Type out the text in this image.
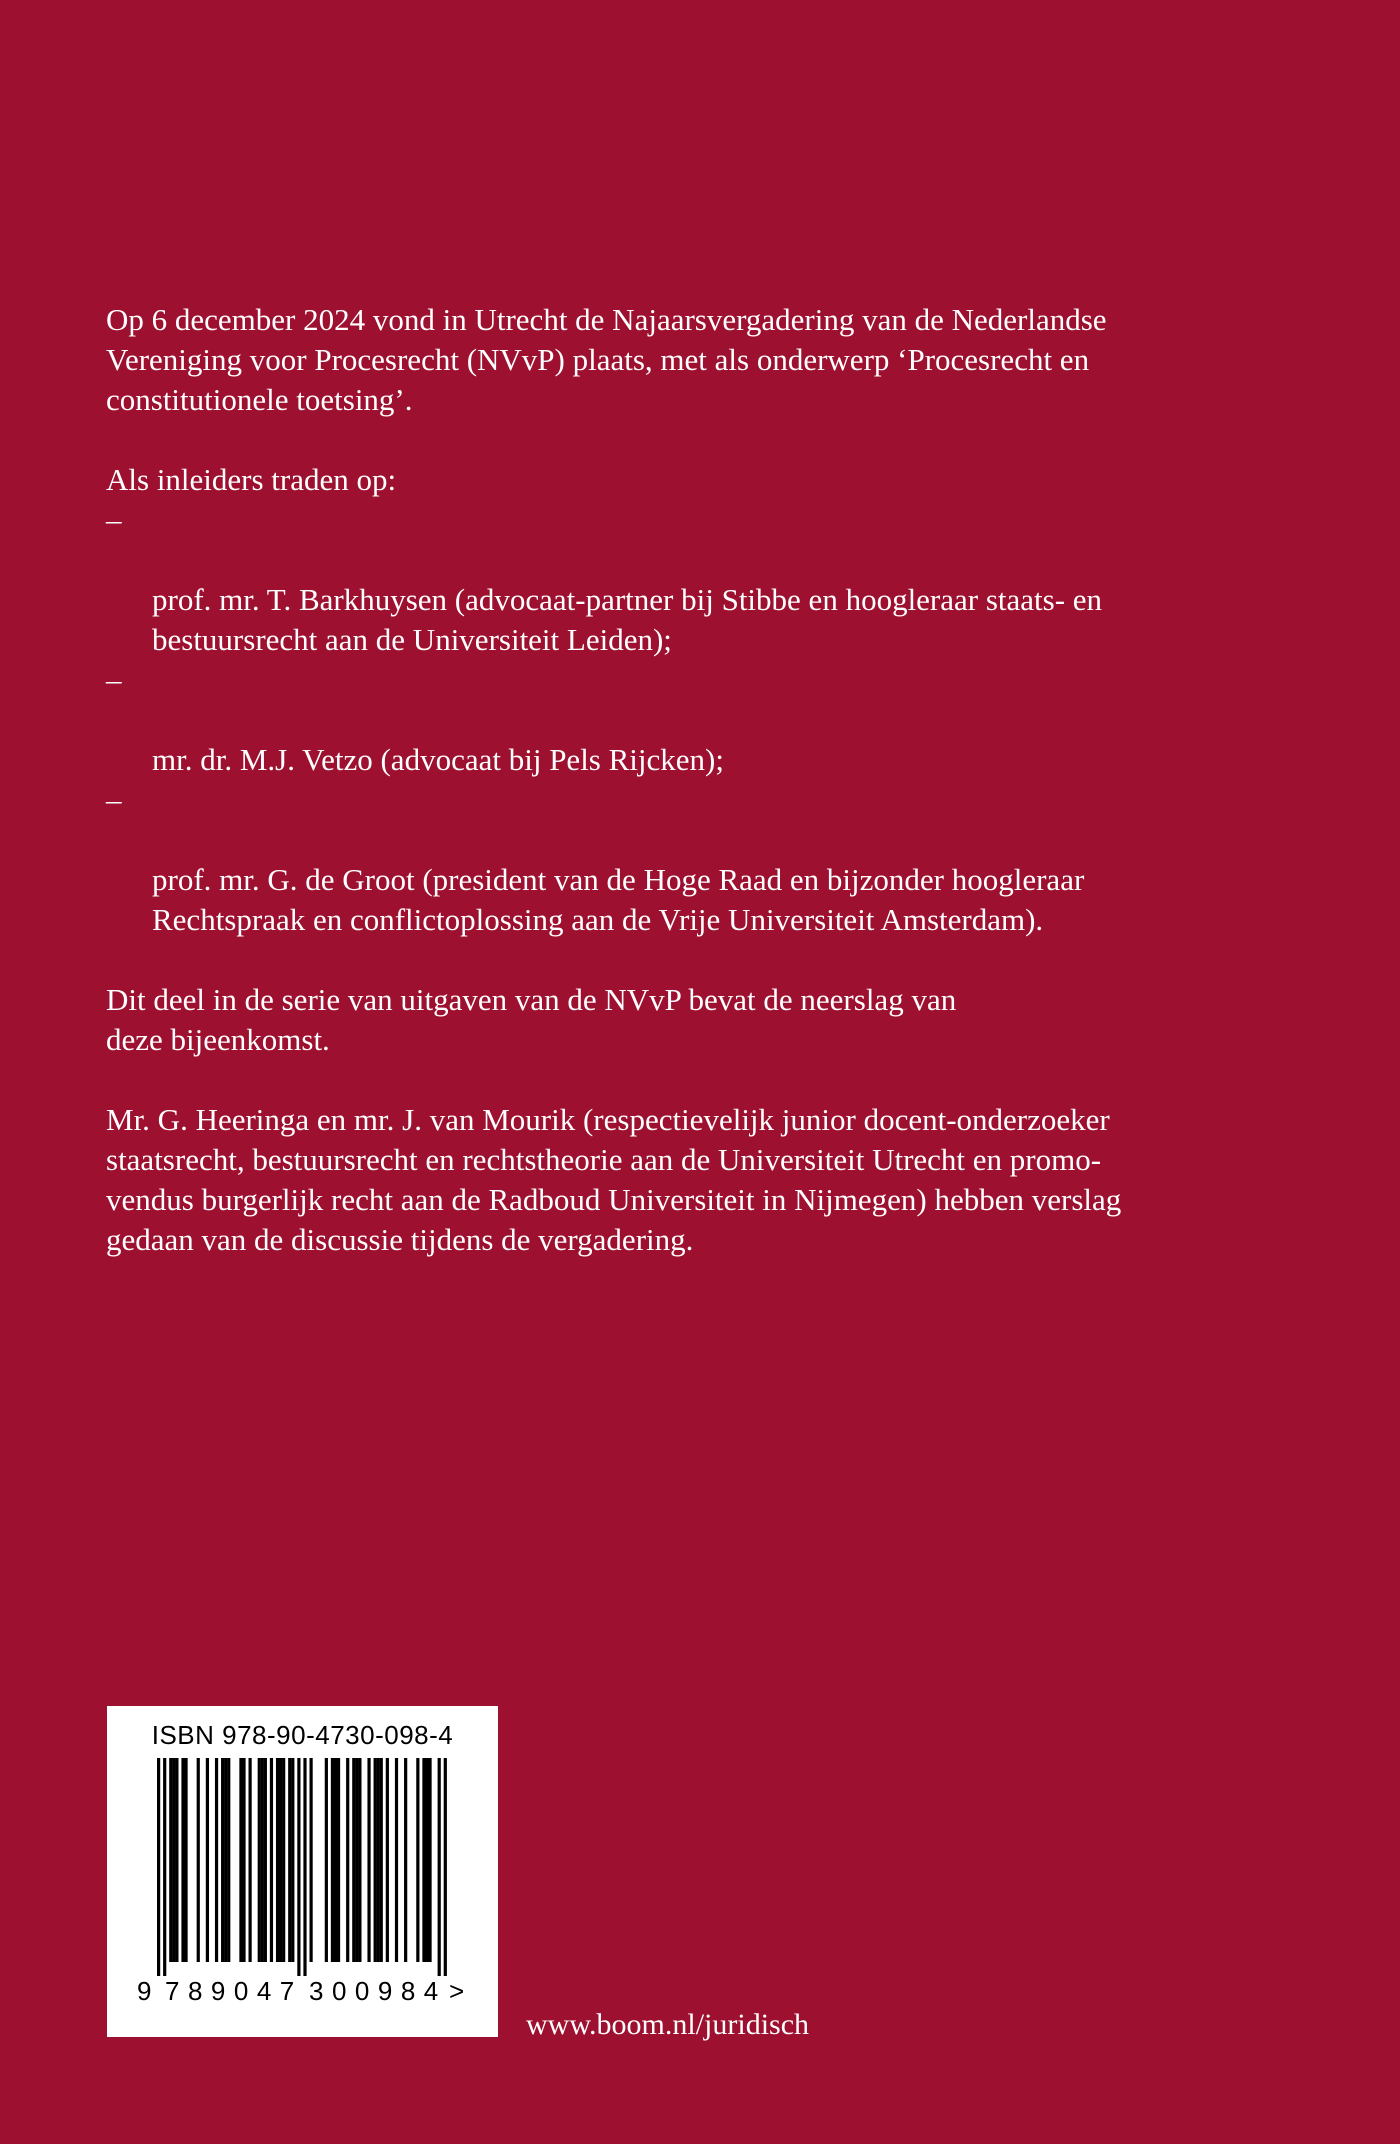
Op 6 december 2024 vond in Utrecht de Najaarsvergadering van de Nederlandse
Vereniging voor Procesrecht (NVvP) plaats, met als onderwerp ‘Procesrecht en
constitutionele toetsing’.

Als inleiders traden op:

–

prof. mr. T. Barkhuysen (advocaat-partner bij Stibbe en hoogleraar staats- en
bestuursrecht aan de Universiteit Leiden);

–

mr. dr. M.J. Vetzo (advocaat bij Pels Rijcken);

–

prof. mr. G. de Groot (president van de Hoge Raad en bijzonder hoogleraar
Rechtspraak en conflictoplossing aan de Vrije Universiteit Amsterdam).

Dit deel in de serie van uitgaven van de NVvP bevat de neerslag van
deze bijeenkomst.

Mr. G. Heeringa en mr. J. van Mourik (respectievelijk junior docent-onderzoeker
staatsrecht, bestuursrecht en rechtstheorie aan de Universiteit Utrecht en promo-
vendus burgerlijk recht aan de Radboud Universiteit in Nijmegen) hebben verslag
gedaan van de discussie tijdens de vergadering.

ISBN 978-90-4730-098-4
9 789047 300984 >
www.boom.nl/juridisch
